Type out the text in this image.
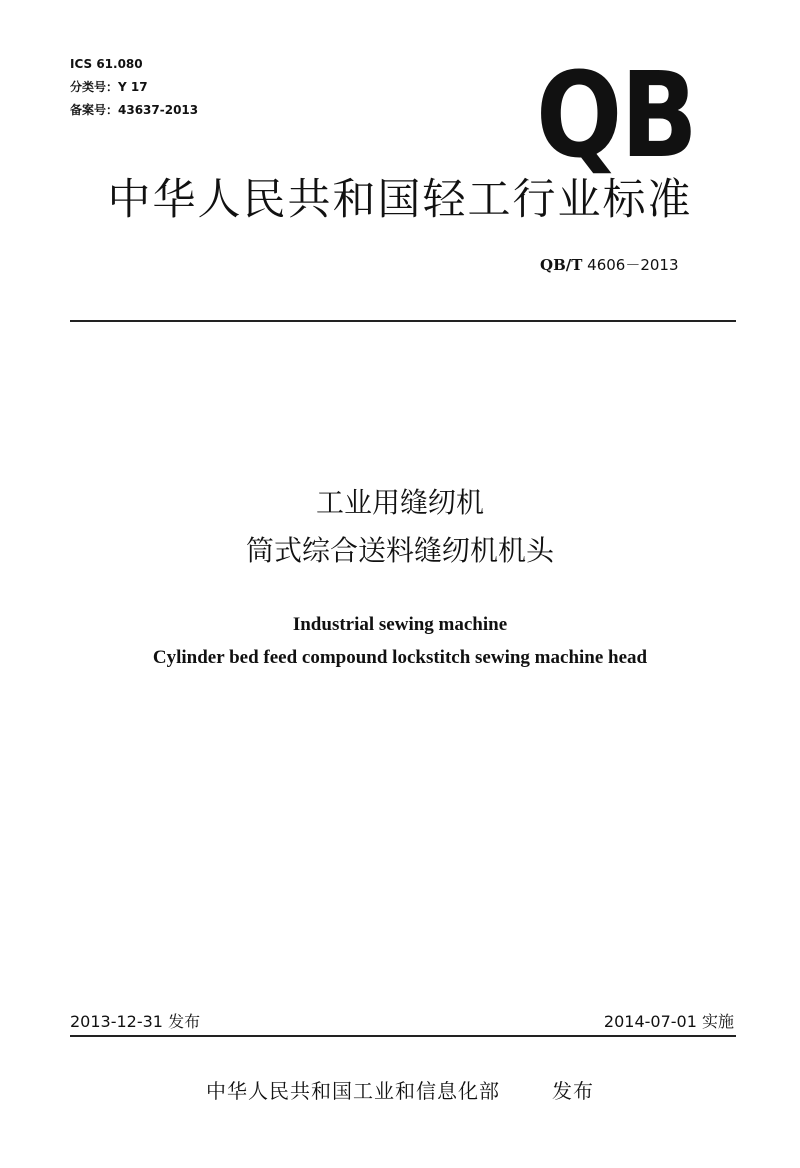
ICS 61.080
分类号：Y 17
备案号：43637-2013	QB
中华人民共和国轻工行业标准
QB/T 4606－2013
工业用缝纫机
筒式综合送料缝纫机机头
Industrial sewing machine
Cylinder bed feed compound lockstitch sewing machine head
2013-12-31 发布	2014-07-01 实施
中华人民共和国工业和信息化部	发布
